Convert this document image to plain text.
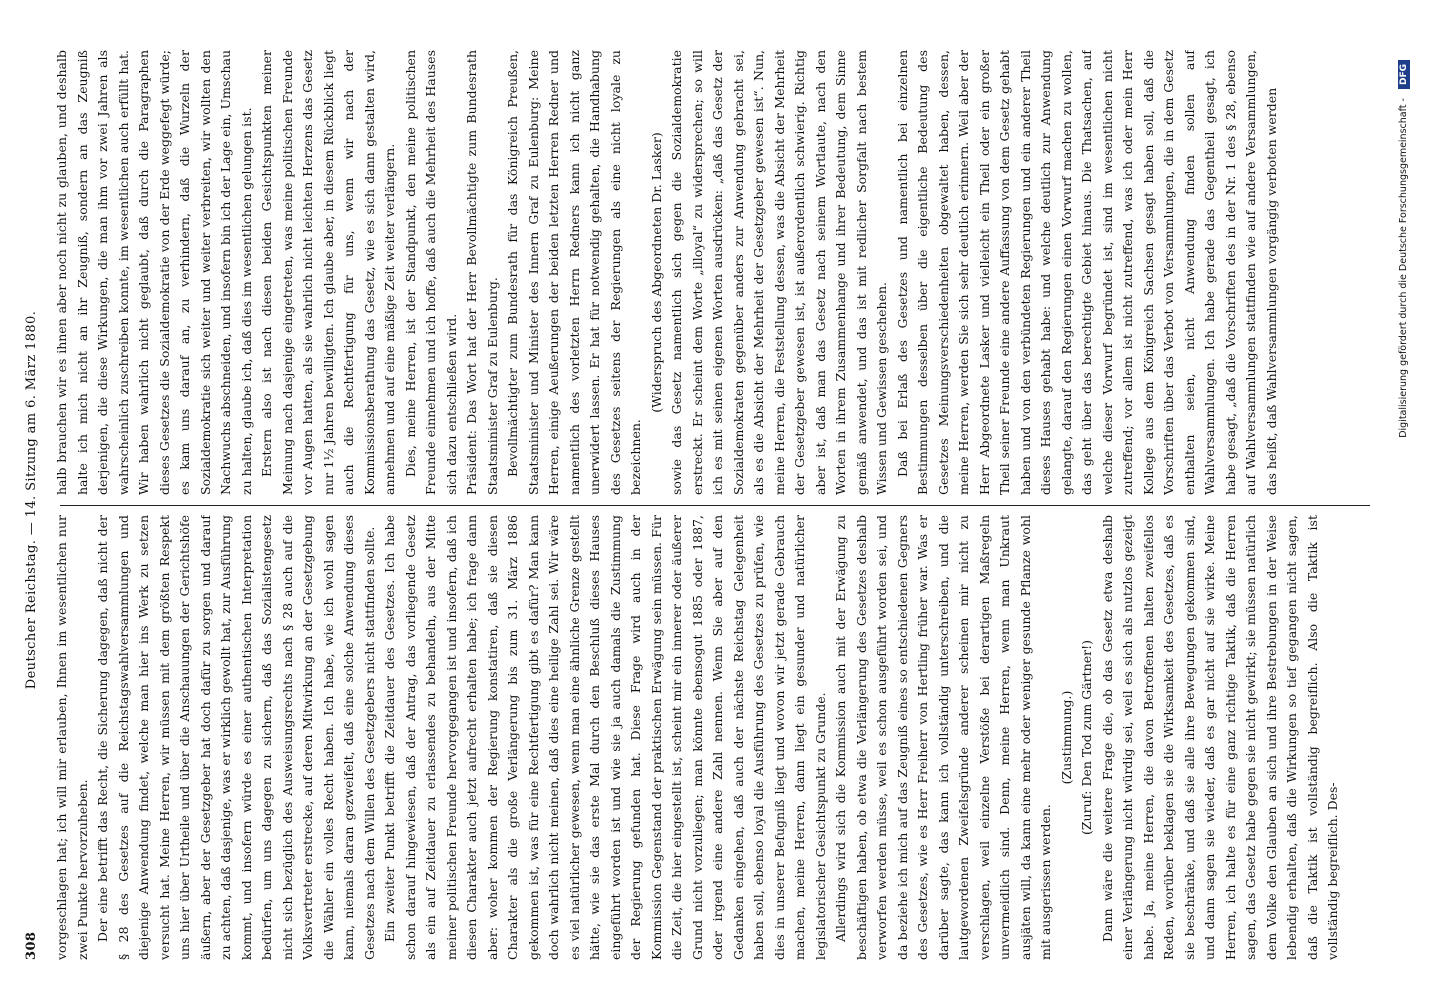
308
Deutscher Reichstag. — 14. Sitzung am 6. März 1880.

vorgeschlagen hat; ich will mir erlauben, Ihnen im wesentlichen nur zwei Punkte hervorzuheben. Der eine betrifft das Recht, die Sicherung dagegen, daß nicht der § 28 des Gesetzes auf die Reichstagswahlversammlungen und diejenige Anwendung findet, welche man hier ins Werk zu setzen versucht hat. Meine Herren, wir müssen mit dem größten Respekt uns hier über Urtheile und über die Anschauungen der Gerichtshöfe äußern, aber der Gesetzgeber hat doch dafür zu sorgen und darauf zu achten, daß dasjenige, was er wirklich gewollt hat, zur Ausführung kommt, und insofern würde es einer authentischen Interpretation bedürfen, um uns dagegen zu sichern, daß das Sozialistengesetz nicht sich bezüglich des Ausweisungsrechts nach § 28 auch auf die Volksvertreter erstrecke, auf deren Mitwirkung an der Gesetzgebung die Wähler ein volles Recht haben. Ich habe, wie ich wohl sagen kann, niemals daran gezweifelt, daß eine solche Anwendung dieses Gesetzes nach dem Willen des Gesetzgebers nicht stattfinden sollte. Ein zweiter Punkt betrifft die Zeitdauer des Gesetzes. Ich habe schon darauf hingewiesen, daß der Antrag, das vorliegende Gesetz als ein auf Zeitdauer zu erlassendes zu behandeln, aus der Mitte meiner politischen Freunde hervorgegangen ist und insofern, daß ich diesen Charakter auch jetzt aufrecht erhalten habe; ich frage dann aber: woher kommen der Regierung konstatiren, daß sie diesen Charakter als die große Verlängerung bis zum 31. März 1886 gekommen ist, was für eine Rechtfertigung gibt es dafür? Man kann doch wahrlich nicht meinen, daß dies eine heilige Zahl sei. Wir wäre es viel natürlicher gewesen, wenn man eine ähnliche Grenze gestellt hätte, wie sie das erste Mal durch den Beschluß dieses Hauses eingeführt worden ist und wie sie ja auch damals die Zustimmung der Regierung gefunden hat. Diese Frage wird auch in der Kommission Gegenstand der praktischen Erwägung sein müssen. Für die Zeit, die hier eingestellt ist, scheint mir ein innerer oder äußerer Grund nicht vorzuliegen; man könnte ebensogut 1885 oder 1887, oder irgend eine andere Zahl nennen. Wenn Sie aber auf den Gedanken eingehen, daß auch der nächste Reichstag Gelegenheit haben soll, ebenso loyal die Ausführung des Gesetzes zu prüfen, wie dies in unserer Befugniß liegt und wovon wir jetzt gerade Gebrauch machen, meine Herren, dann liegt ein gesunder und natürlicher legislatorischer Gesichtspunkt zu Grunde. Allerdings wird sich die Kommission auch mit der Erwägung zu beschäftigen haben, ob etwa die Verlängerung des Gesetzes deshalb verworfen werden müsse, weil es schon ausgeführt worden sei, und da beziehe ich mich auf das Zeugniß eines so entschiedenen Gegners des Gesetzes, wie es Herr Freiherr von Hertling früher war. Was er darüber sagte, das kann ich vollständig unterschreiben, und die lautgewordenen Zweifelsgründe anderer scheinen mir nicht zu verschlagen, weil einzelne Verstöße bei derartigen Maßregeln unvermeidlich sind. Denn, meine Herren, wenn man Unkraut ausjäten will, da kann eine mehr oder weniger gesunde Pflanze wohl mit ausgerissen werden.

(Zustimmung.) (Zuruf: Den Tod zum Gärtner!) Dann wäre die weitere Frage die, ob das Gesetz etwa deshalb einer Verlängerung nicht würdig sei, weil es sich als nutzlos gezeigt habe. Ja, meine Herren, die davon Betroffenen halten zweifellos Reden, worüber beklagen sie die Wirksamkeit des Gesetzes, daß es sie beschränke, und daß sie alle ihre Bewegungen gekommen sind, und dann sagen sie wieder, daß es gar nicht auf sie wirke. Meine Herren, ich halte es für eine ganz richtige Taktik, daß die Herren sagen, das Gesetz habe gegen sie nicht gewirkt; sie müssen natürlich dem Volke den Glauben an sich und ihre Bestrebungen in der Weise lebendig erhalten, daß die Wirkungen so tief gegangen nicht sagen, daß die Taktik ist vollständig begreiflich. Also die Taktik ist vollständig begreiflich. Des-

halb brauchen wir es ihnen aber noch nicht zu glauben, und deshalb halte ich mich nicht an ihr Zeugniß, sondern an das Zeugniß derjenigen, die diese Wirkungen, die man ihm vor zwei Jahren als wahrscheinlich zuschreiben konnte, im wesentlichen auch erfüllt hat. Wir haben wahrlich nicht geglaubt, daß durch die Paragraphen dieses Gesetzes die Sozialdemokratie von der Erde weggefegt würde; es kam uns darauf an, zu verhindern, daß die Wurzeln der Sozialdemokratie sich weiter und weiter verbreiten, wir wollten den Nachwuchs abschneiden, und insofern bin ich der Lage ein, Umschau zu halten, glaube ich, daß dies im wesentlichen gelungen ist. Erstern also ist nach diesen beiden Gesichtspunkten meiner Meinung nach dasjenige eingetreten, was meine politischen Freunde vor Augen hatten, als sie wahrlich nicht leichten Herzens das Gesetz nur 1½ Jahren bewilligten. Ich glaube aber, in diesem Rückblick liegt auch die Rechtfertigung für uns, wenn wir nach der Kommissionsberathung das Gesetz, wie es sich dann gestalten wird, annehmen und auf eine mäßige Zeit weiter verlängern. Dies, meine Herren, ist der Standpunkt, den meine politischen Freunde einnehmen und ich hoffe, daß auch die Mehrheit des Hauses sich dazu entschließen wird. Präsident: Das Wort hat der Herr Bevollmächtigte zum Bundesrath Staatsminister Graf zu Eulenburg. Bevollmächtigter zum Bundesrath für das Königreich Preußen, Staatsminister und Minister des Innern Graf zu Eulenburg: Meine Herren, einige Aeußerungen der beiden letzten Herren Redner und namentlich des vorletzten Herrn Redners kann ich nicht ganz unerwidert lassen. Er hat für notwendig gehalten, die Handhabung des Gesetzes seitens der Regierungen als eine nicht loyale zu bezeichnen.

(Widerspruch des Abgeordneten Dr. Lasker) sowie das Gesetz namentlich sich gegen die Sozialdemokratie erstreckt. Er scheint dem Worte „illoyal“ zu widersprechen; so will ich es mit seinen eigenen Worten ausdrücken: „daß das Gesetz der Sozialdemokraten gegenüber anders zur Anwendung gebracht sei, als es die Absicht der Mehrheit der Gesetzgeber gewesen ist“. Nun, meine Herren, die Feststellung dessen, was die Absicht der Mehrheit der Gesetzgeber gewesen ist, ist außerordentlich schwierig. Richtig aber ist, daß man das Gesetz nach seinem Wortlaute, nach den Worten in ihrem Zusammenhange und ihrer Bedeutung, dem Sinne gemäß anwendet, und das ist mit redlicher Sorgfalt nach bestem Wissen und Gewissen geschehen. Daß bei Erlaß des Gesetzes und namentlich bei einzelnen Bestimmungen desselben über die eigentliche Bedeutung des Gesetzes Meinungsverschiedenheiten obgewaltet haben, dessen, meine Herren, werden Sie sich sehr deutlich erinnern. Weil aber der Herr Abgeordnete Lasker und vielleicht ein Theil oder ein großer Theil seiner Freunde eine andere Auffassung von dem Gesetz gehabt haben und von den verbündeten Regierungen und ein anderer Theil dieses Hauses gehabt habe: und welche deutlich zur Anwendung gelangte, darauf den Regierungen einen Vorwurf machen zu wollen, das geht über das berechtigte Gebiet hinaus. Die Thatsachen, auf welche dieser Vorwurf begründet ist, sind im wesentlichen nicht zutreffend; vor allem ist nicht zutreffend, was ich oder mein Herr Kollege aus dem Königreich Sachsen gesagt haben soll, daß die Vorschriften über das Verbot von Versammlungen, die in dem Gesetz enthalten seien, nicht Anwendung finden sollen auf Wahlversammlungen. Ich habe gerade das Gegentheil gesagt, ich habe gesagt, „daß die Vorschriften des in der Nr. 1 des § 28, ebenso auf Wahlversammlungen stattfinden wie auf andere Versammlungen, das heißt, daß Wahlversammlungen vorgängig verboten werden	Digitalisierung gefördert durch die Deutsche Forschungsgemeinschaft - DFG
